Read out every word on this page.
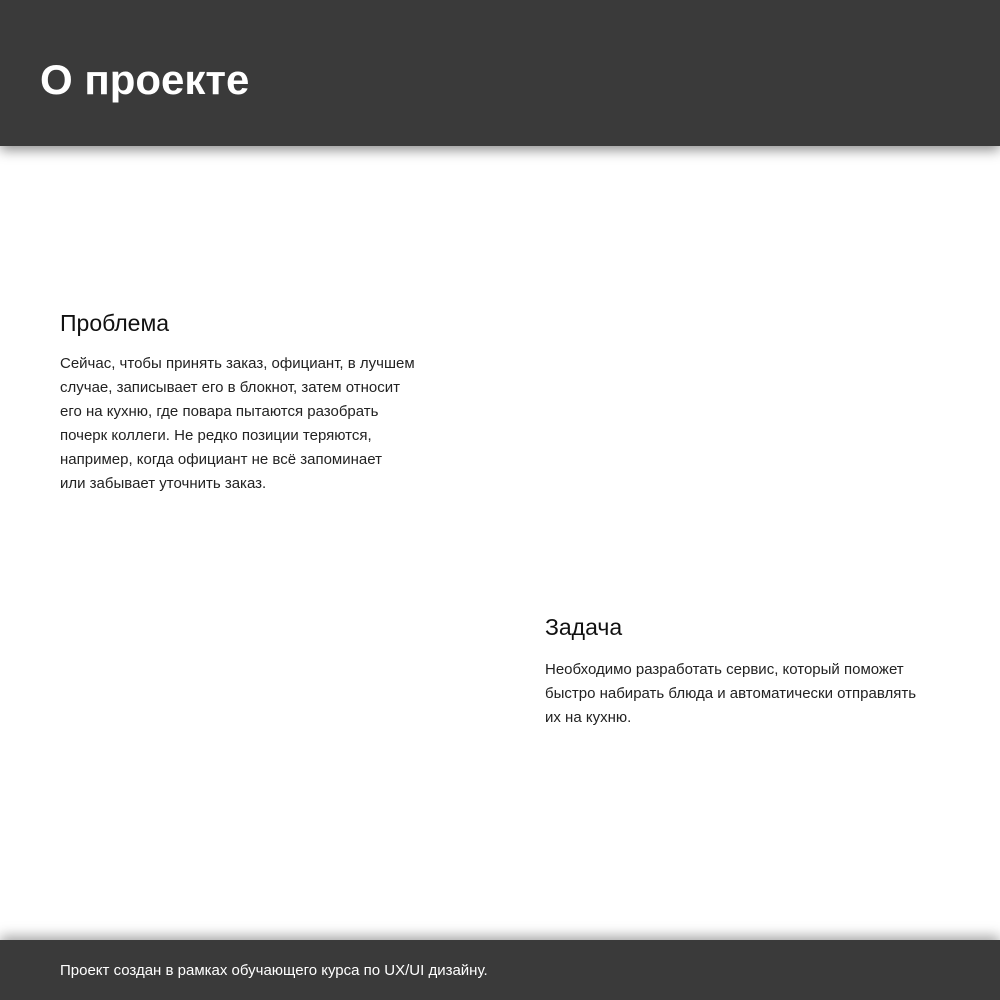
О проекте
Проблема

Сейчас, чтобы принять заказ, официант, в лучшем
случае, записывает его в блокнот, затем относит
его на кухню, где повара пытаются разобрать
почерк коллеги. Не редко позиции теряются,
например, когда официант не всё запоминает
или забывает уточнить заказ.

Задача

Необходимо разработать сервис, который поможет
быстро набирать блюда и автоматически отправлять
их на кухню.

Проект создан в рамках обучающего курса по UX/UI дизайну.
